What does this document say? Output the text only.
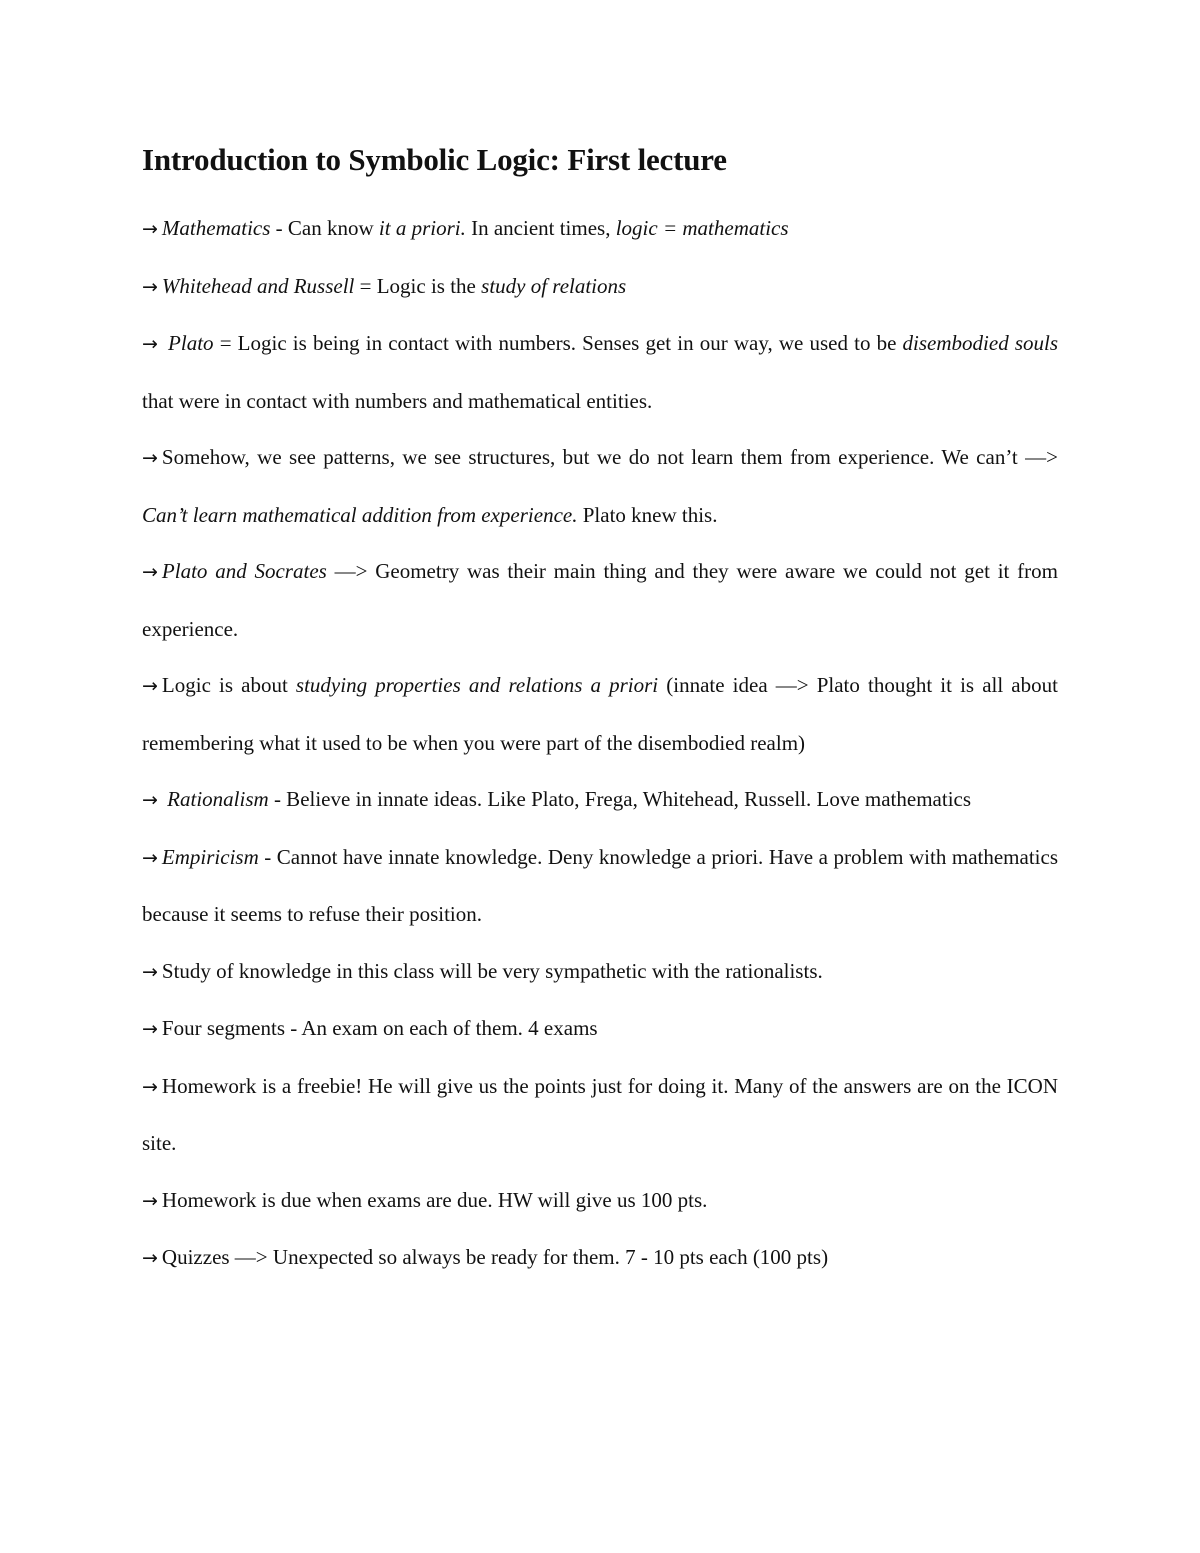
Introduction to Symbolic Logic: First lecture
→ Mathematics - Can know it a priori. In ancient times, logic = mathematics
→ Whitehead and Russell = Logic is the study of relations
→ Plato = Logic is being in contact with numbers. Senses get in our way, we used to be disembodied souls that were in contact with numbers and mathematical entities.
→ Somehow, we see patterns, we see structures, but we do not learn them from experience. We can’t —> Can’t learn mathematical addition from experience. Plato knew this.
→ Plato and Socrates —> Geometry was their main thing and they were aware we could not get it from experience.
→ Logic is about studying properties and relations a priori (innate idea —> Plato thought it is all about remembering what it used to be when you were part of the disembodied realm)
→ Rationalism - Believe in innate ideas. Like Plato, Frega, Whitehead, Russell. Love mathematics
→ Empiricism - Cannot have innate knowledge. Deny knowledge a priori. Have a problem with mathematics because it seems to refuse their position.
→ Study of knowledge in this class will be very sympathetic with the rationalists.
→ Four segments - An exam on each of them. 4 exams
→ Homework is a freebie! He will give us the points just for doing it. Many of the answers are on the ICON site.
→ Homework is due when exams are due. HW will give us 100 pts.
→ Quizzes —> Unexpected so always be ready for them. 7 - 10 pts each (100 pts)
